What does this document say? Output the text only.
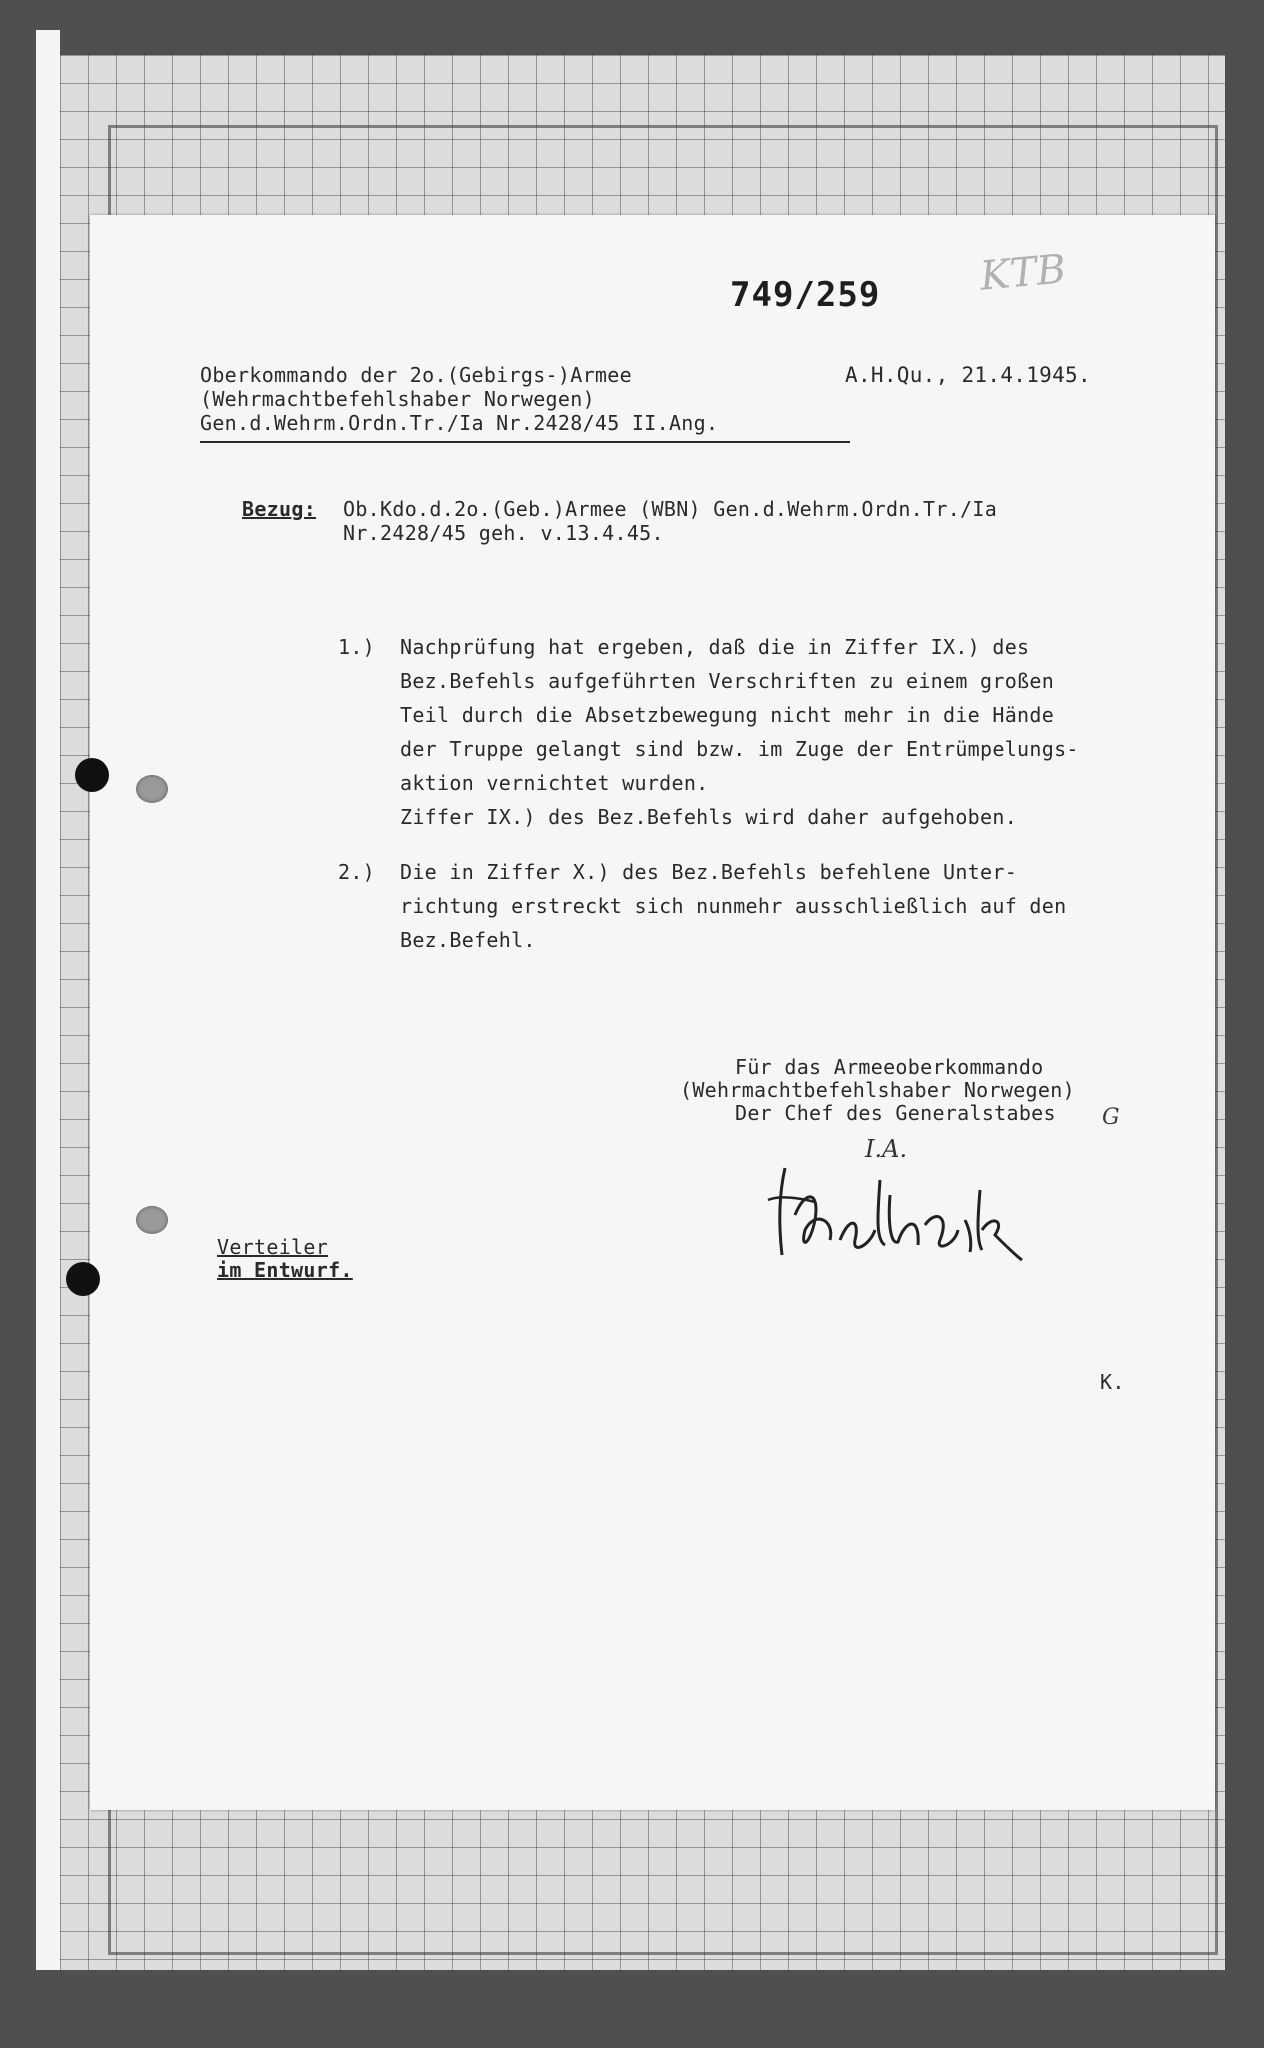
749/259 KTB
Oberkommando der 2o.(Gebirgs-)Armee
(Wehrmachtbefehlshaber Norwegen)
Gen.d.Wehrm.Ordn.Tr./Ia Nr.2428/45 II.Ang.
A.H.Qu., 21.4.1945.
Bezug: Ob.Kdo.d.2o.(Geb.)Armee (WBN) Gen.d.Wehrm.Ordn.Tr./Ia
Nr.2428/45 geh. v.13.4.45.
1.) Nachprüfung hat ergeben, daß die in Ziffer IX.) des
Bez.Befehls aufgeführten Verschriften zu einem großen
Teil durch die Absetzbewegung nicht mehr in die Hände
der Truppe gelangt sind bzw. im Zuge der Entrümpelungs-
aktion vernichtet wurden.
Ziffer IX.) des Bez.Befehls wird daher aufgehoben.
2.) Die in Ziffer X.) des Bez.Befehls befehlene Unter-
richtung erstreckt sich nunmehr ausschließlich auf den
Bez.Befehl.
Für das Armeeoberkommando
(Wehrmachtbefehlshaber Norwegen)
Der Chef des Generalstabes G
I.A.
Verteiler
im Entwurf.
K.
